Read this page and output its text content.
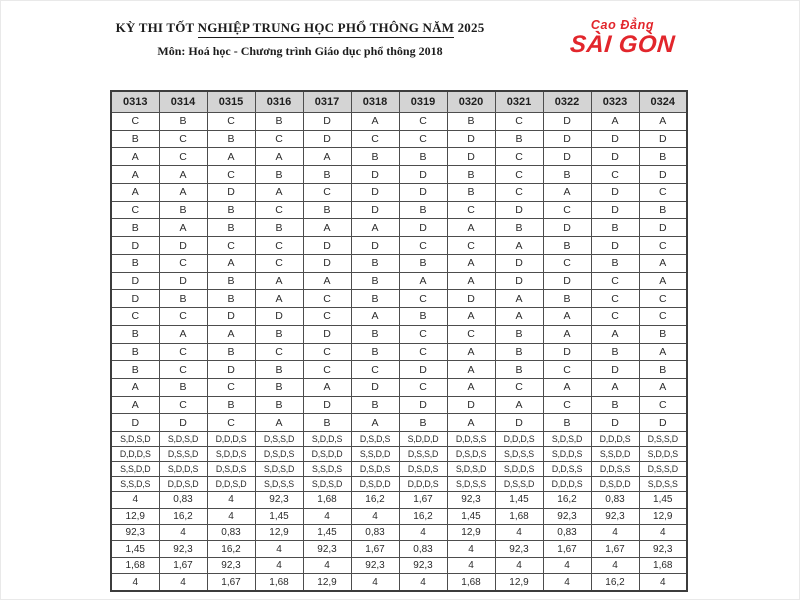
KỲ THI TỐT NGHIỆP TRUNG HỌC PHỔ THÔNG NĂM 2025
Môn: Hoá học - Chương trình Giáo dục phổ thông 2018
Cao Đẳng
SÀI GÒN
0313	0314	0315	0316	0317	0318	0319	0320	0321	0322	0323	0324
C	B	C	B	D	A	C	B	C	D	A	A
B	C	B	C	D	C	C	D	B	D	D	D
A	C	A	A	A	B	B	D	C	D	D	B
A	A	C	B	B	D	D	B	C	B	C	D
A	A	D	A	C	D	D	B	C	A	D	C
C	B	B	C	B	D	B	C	D	C	D	B
B	A	B	B	A	A	D	A	B	D	B	D
D	D	C	C	D	D	C	C	A	B	D	C
B	C	A	C	D	B	B	A	D	C	B	A
D	D	B	A	A	B	A	A	D	D	C	A
D	B	B	A	C	B	C	D	A	B	C	C
C	C	D	D	C	A	B	A	A	A	C	C
B	A	A	B	D	B	C	C	B	A	A	B
B	C	B	C	C	B	C	A	B	D	B	A
B	C	D	B	C	C	D	A	B	C	D	B
A	B	C	B	A	D	C	A	C	A	A	A
A	C	B	B	D	B	D	D	A	C	B	C
D	D	C	A	B	A	B	A	D	B	D	D
S,D,S,D	S,D,S,D	D,D,D,S	D,S,S,D	S,D,D,S	D,S,D,S	S,D,D,D	D,D,S,S	D,D,D,S	S,D,S,D	D,D,D,S	D,S,S,D
D,D,D,S	D,S,S,D	S,D,D,S	D,S,D,S	D,S,D,D	S,S,D,D	D,S,S,D	D,S,D,S	S,D,S,S	S,D,D,S	S,S,D,D	S,D,D,S
S,S,D,D	S,D,D,S	D,S,D,S	S,D,S,D	S,S,D,S	D,S,D,S	D,S,D,S	S,D,S,D	S,D,D,S	D,D,S,S	D,D,S,S	D,S,S,D
S,S,D,S	D,D,S,D	D,D,S,D	S,D,S,S	S,D,S,D	D,S,D,D	D,D,D,S	S,D,S,S	D,S,S,D	D,D,D,S	D,S,D,D	S,D,S,S
4	0,83	4	92,3	1,68	16,2	1,67	92,3	1,45	16,2	0,83	1,45
12,9	16,2	4	1,45	4	4	16,2	1,45	1,68	92,3	92,3	12,9
92,3	4	0,83	12,9	1,45	0,83	4	12,9	4	0,83	4	4
1,45	92,3	16,2	4	92,3	1,67	0,83	4	92,3	1,67	1,67	92,3
1,68	1,67	92,3	4	4	92,3	92,3	4	4	4	4	1,68
4	4	1,67	1,68	12,9	4	4	1,68	12,9	4	16,2	4
